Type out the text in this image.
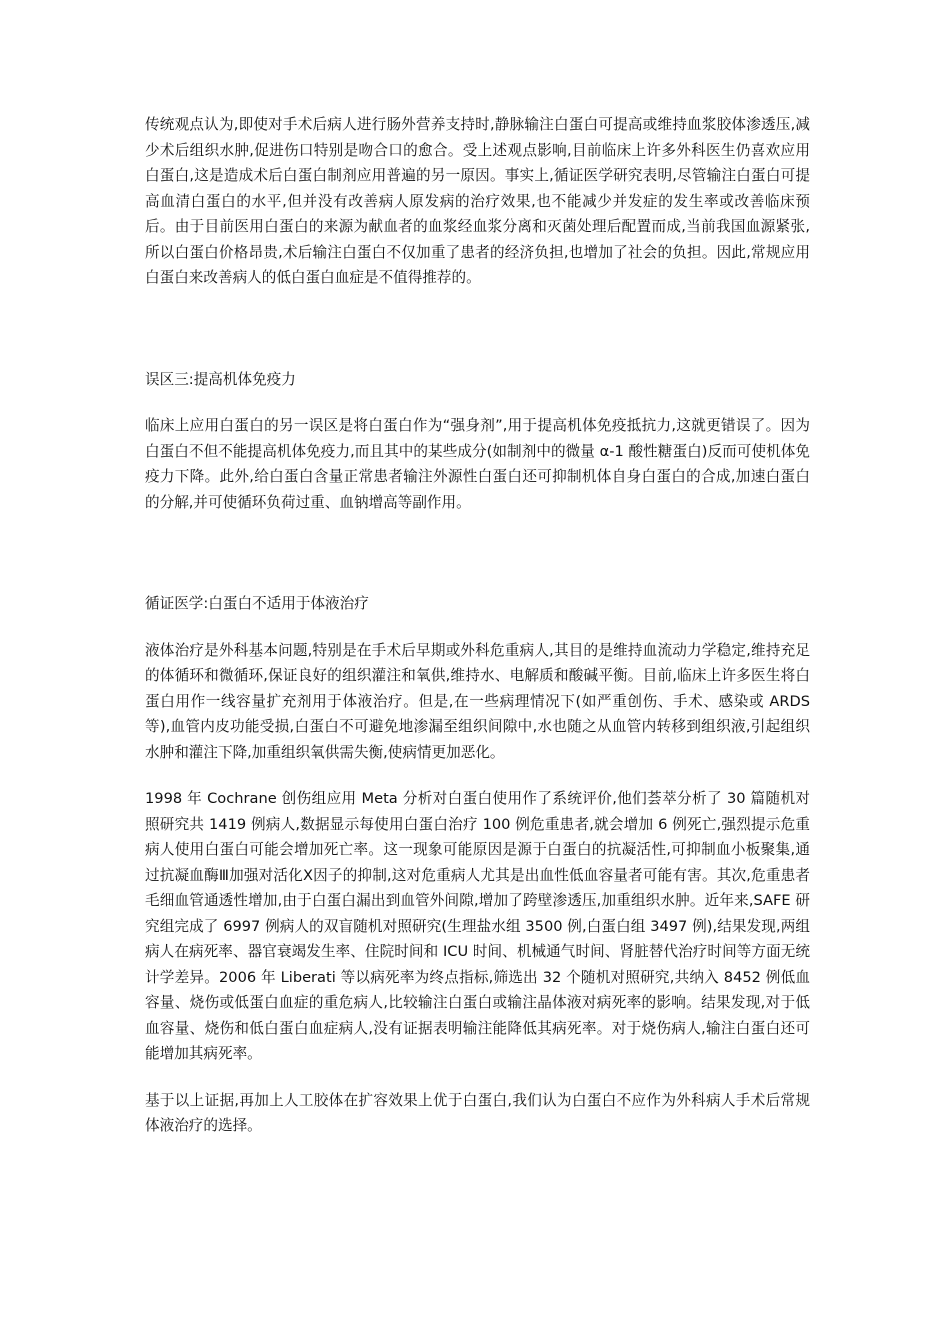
传统观点认为,即使对手术后病人进行肠外营养支持时,静脉输注白蛋白可提高或维持血浆胶体渗透压,减少术后组织水肿,促进伤口特别是吻合口的愈合。受上述观点影响,目前临床上许多外科医生仍喜欢应用白蛋白,这是造成术后白蛋白制剂应用普遍的另一原因。事实上,循证医学研究表明,尽管输注白蛋白可提高血清白蛋白的水平,但并没有改善病人原发病的治疗效果,也不能减少并发症的发生率或改善临床预后。由于目前医用白蛋白的来源为献血者的血浆经血浆分离和灭菌处理后配置而成,当前我国血源紧张,所以白蛋白价格昂贵,术后输注白蛋白不仅加重了患者的经济负担,也增加了社会的负担。因此,常规应用白蛋白来改善病人的低白蛋白血症是不值得推荐的。

误区三:提高机体免疫力

临床上应用白蛋白的另一误区是将白蛋白作为“强身剂”,用于提高机体免疫抵抗力,这就更错误了。因为白蛋白不但不能提高机体免疫力,而且其中的某些成分(如制剂中的微量 α-1 酸性糖蛋白)反而可使机体免疫力下降。此外,给白蛋白含量正常患者输注外源性白蛋白还可抑制机体自身白蛋白的合成,加速白蛋白的分解,并可使循环负荷过重、血钠增高等副作用。

循证医学:白蛋白不适用于体液治疗

液体治疗是外科基本问题,特别是在手术后早期或外科危重病人,其目的是维持血流动力学稳定,维持充足的体循环和微循环,保证良好的组织灌注和氧供,维持水、电解质和酸碱平衡。目前,临床上许多医生将白蛋白用作一线容量扩充剂用于体液治疗。但是,在一些病理情况下(如严重创伤、手术、感染或 ARDS 等),血管内皮功能受损,白蛋白不可避免地渗漏至组织间隙中,水也随之从血管内转移到组织液,引起组织水肿和灌注下降,加重组织氧供需失衡,使病情更加恶化。

1998 年 Cochrane 创伤组应用 Meta 分析对白蛋白使用作了系统评价,他们荟萃分析了 30 篇随机对照研究共 1419 例病人,数据显示每使用白蛋白治疗 100 例危重患者,就会增加 6 例死亡,强烈提示危重病人使用白蛋白可能会增加死亡率。这一现象可能原因是源于白蛋白的抗凝活性,可抑制血小板聚集,通过抗凝血酶Ⅲ加强对活化Ⅹ因子的抑制,这对危重病人尤其是出血性低血容量者可能有害。其次,危重患者毛细血管通透性增加,由于白蛋白漏出到血管外间隙,增加了跨壁渗透压,加重组织水肿。近年来,SAFE 研究组完成了 6997 例病人的双盲随机对照研究(生理盐水组 3500 例,白蛋白组 3497 例),结果发现,两组病人在病死率、器官衰竭发生率、住院时间和 ICU 时间、机械通气时间、肾脏替代治疗时间等方面无统计学差异。2006 年 Liberati 等以病死率为终点指标,筛选出 32 个随机对照研究,共纳入 8452 例低血容量、烧伤或低蛋白血症的重危病人,比较输注白蛋白或输注晶体液对病死率的影响。结果发现,对于低血容量、烧伤和低白蛋白血症病人,没有证据表明输注能降低其病死率。对于烧伤病人,输注白蛋白还可能增加其病死率。

基于以上证据,再加上人工胶体在扩容效果上优于白蛋白,我们认为白蛋白不应作为外科病人手术后常规体液治疗的选择。
